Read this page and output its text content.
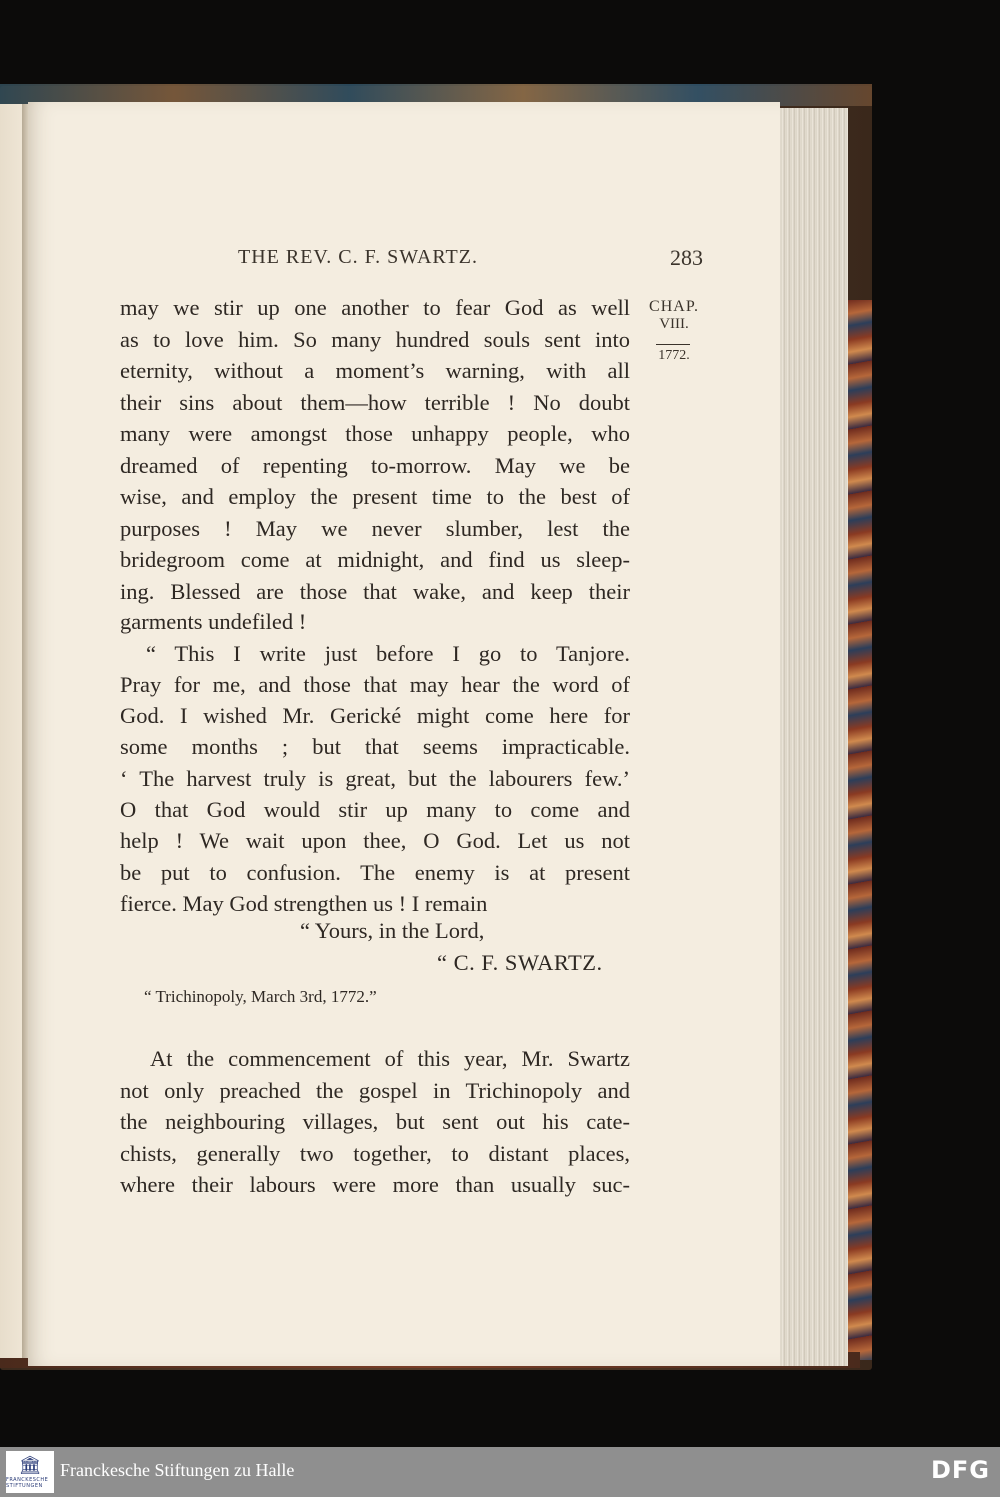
THE REV. C. F. SWARTZ.	283
CHAP.
VIII.
1772.
may we stir up one another to fear God as well
as to love him. So many hundred souls sent into
eternity, without a moment’s warning, with all
their sins about them—how terrible ! No doubt
many were amongst those unhappy people, who
dreamed of repenting to-morrow. May we be
wise, and employ the present time to the best of
purposes ! May we never slumber, lest the
bridegroom come at midnight, and find us sleep-
ing. Blessed are those that wake, and keep their
garments undefiled !
“ This I write just before I go to Tanjore.
Pray for me, and those that may hear the word of
God. I wished Mr. Gerické might come here for
some months ; but that seems impracticable.
‘ The harvest truly is great, but the labourers few.’
O that God would stir up many to come and
help ! We wait upon thee, O God. Let us not
be put to confusion. The enemy is at present
fierce. May God strengthen us ! I remain
“ Yours, in the Lord,
“ C. F. SWARTZ.
“ Trichinopoly, March 3rd, 1772.”
At the commencement of this year, Mr. Swartz
not only preached the gospel in Trichinopoly and
the neighbouring villages, but sent out his cate-
chists, generally two together, to distant places,
where their labours were more than usually suc-
🏛
FRANCKESCHE STIFTUNGEN
Franckesche Stiftungen zu Halle	DFG
